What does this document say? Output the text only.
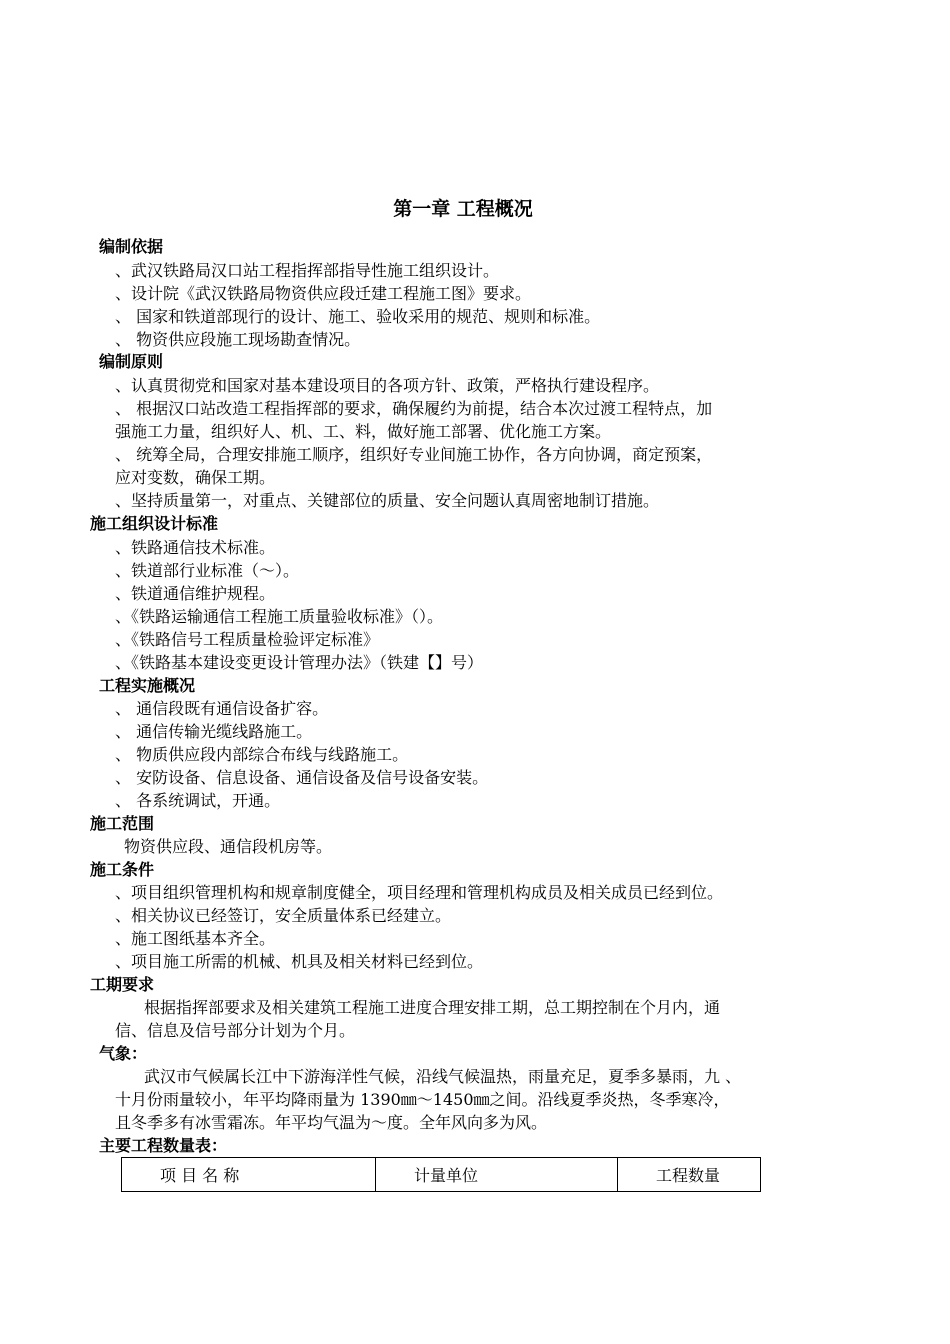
第一章 工程概况
编制依据
、武汉铁路局汉口站工程指挥部指导性施工组织设计。
、设计院《武汉铁路局物资供应段迁建工程施工图》要求。
、 国家和铁道部现行的设计、施工、验收采用的规范、规则和标准。
、 物资供应段施工现场勘查情况。
编制原则
、认真贯彻党和国家对基本建设项目的各项方针、政策，严格执行建设程序。
、 根据汉口站改造工程指挥部的要求，确保履约为前提，结合本次过渡工程特点，加
强施工力量，组织好人、机、工、料，做好施工部署、优化施工方案。
、 统筹全局，合理安排施工顺序，组织好专业间施工协作，各方向协调，商定预案，
应对变数，确保工期。
、坚持质量第一，对重点、关键部位的质量、安全问题认真周密地制订措施。
施工组织设计标准
、铁路通信技术标准。
、铁道部行业标准（～）。
、铁道通信维护规程。
、《铁路运输通信工程施工质量验收标准》（）。
、《铁路信号工程质量检验评定标准》
、《铁路基本建设变更设计管理办法》（铁建【】号）
工程实施概况
、 通信段既有通信设备扩容。
、 通信传输光缆线路施工。
、 物质供应段内部综合布线与线路施工。
、 安防设备、信息设备、通信设备及信号设备安装。
、 各系统调试，开通。
施工范围
物资供应段、通信段机房等。
施工条件
、项目组织管理机构和规章制度健全，项目经理和管理机构成员及相关成员已经到位。
、相关协议已经签订，安全质量体系已经建立。
、施工图纸基本齐全。
、项目施工所需的机械、机具及相关材料已经到位。
工期要求
根据指挥部要求及相关建筑工程施工进度合理安排工期，总工期控制在个月内，通
信、信息及信号部分计划为个月。
气象：
武汉市气候属长江中下游海洋性气候，沿线气候温热，雨量充足，夏季多暴雨，九 、
十月份雨量较小，年平均降雨量为 1390㎜～1450㎜之间。沿线夏季炎热，冬季寒冷，
且冬季多有冰雪霜冻。年平均气温为～度。全年风向多为风。
主要工程数量表：
项 目 名 称	计量单位	工程数量
